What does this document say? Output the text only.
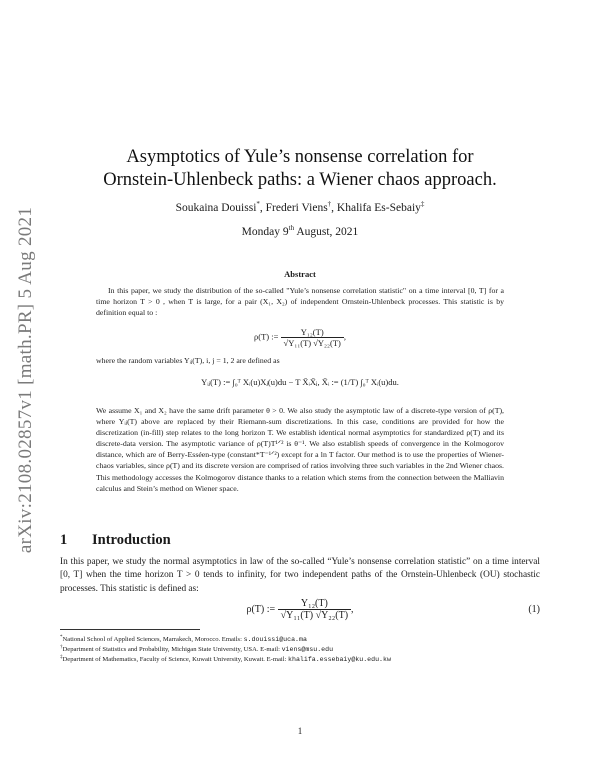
arXiv:2108.02857v1 [math.PR] 5 Aug 2021
Asymptotics of Yule’s nonsense correlation for
Ornstein-Uhlenbeck paths: a Wiener chaos approach.
Soukaina Douissi*, Frederi Viens†, Khalifa Es-Sebaiy‡
Monday 9th August, 2021
Abstract

In this paper, we study the distribution of the so-called "Yule’s nonsense correlation statistic" on a time interval [0, T] for a time horizon T > 0 , when T is large, for a pair (X₁, X₂) of independent Ornstein-Uhlenbeck processes. This statistic is by definition equal to :

ρ(T) := $\frac{\text{Y₁₂(T)}}{\text{√Y₁₁(T) √Y₂₂(T)}}$ ,

where the random variables Yᵢⱼ(T), i, j = 1, 2 are defined as

Yᵢⱼ(T) := ∫₀ᵀ Xᵢ(u)Xⱼ(u)du − T X̄ᵢX̄ⱼ, X̄ᵢ := (1/T) ∫₀ᵀ Xᵢ(u)du.

We assume X₁ and X₂ have the same drift parameter θ > 0. We also study the asymptotic law of a discrete-type version of ρ(T), where Yᵢⱼ(T) above are replaced by their Riemann-sum discretizations. In this case, conditions are provided for how the discretization (in-fill) step relates to the long horizon T. We establish identical normal asymptotics for standardized ρ(T) and its discrete-data version. The asymptotic variance of ρ(T)T¹ᐟ² is θ⁻¹. We also establish speeds of convergence in the Kolmogorov distance, which are of Berry-Esséen-type (constant*T⁻¹ᐟ²) except for a ln T factor. Our method is to use the properties of Wiener-chaos variables, since ρ(T) and its discrete version are comprised of ratios involving three such variables in the 2nd Wiener chaos. This methodology accesses the Kolmogorov distance thanks to a relation which stems from the connection between the Malliavin calculus and Stein’s method on Wiener space.

1 Introduction

In this paper, we study the normal asymptotics in law of the so-called “Yule’s nonsense correlation statistic” on a time interval [0, T] when the time horizon T > 0 tends to infinity, for two independent paths of the Ornstein-Uhlenbeck (OU) stochastic processes. This statistic is defined as:

ρ(T) := $\frac{\text{Y₁₂(T)}}{\text{√Y₁₁(T) √Y₂₂(T)}}$ ,	(1)
*National School of Applied Sciences, Marrakech, Morocco. Emails: s.douissi@uca.ma
†Department of Statistics and Probability, Michigan State University, USA. E-mail: viens@msu.edu
‡Department of Mathematics, Faculty of Science, Kuwait University, Kuwait. E-mail: khalifa.essebaiy@ku.edu.kw
1
